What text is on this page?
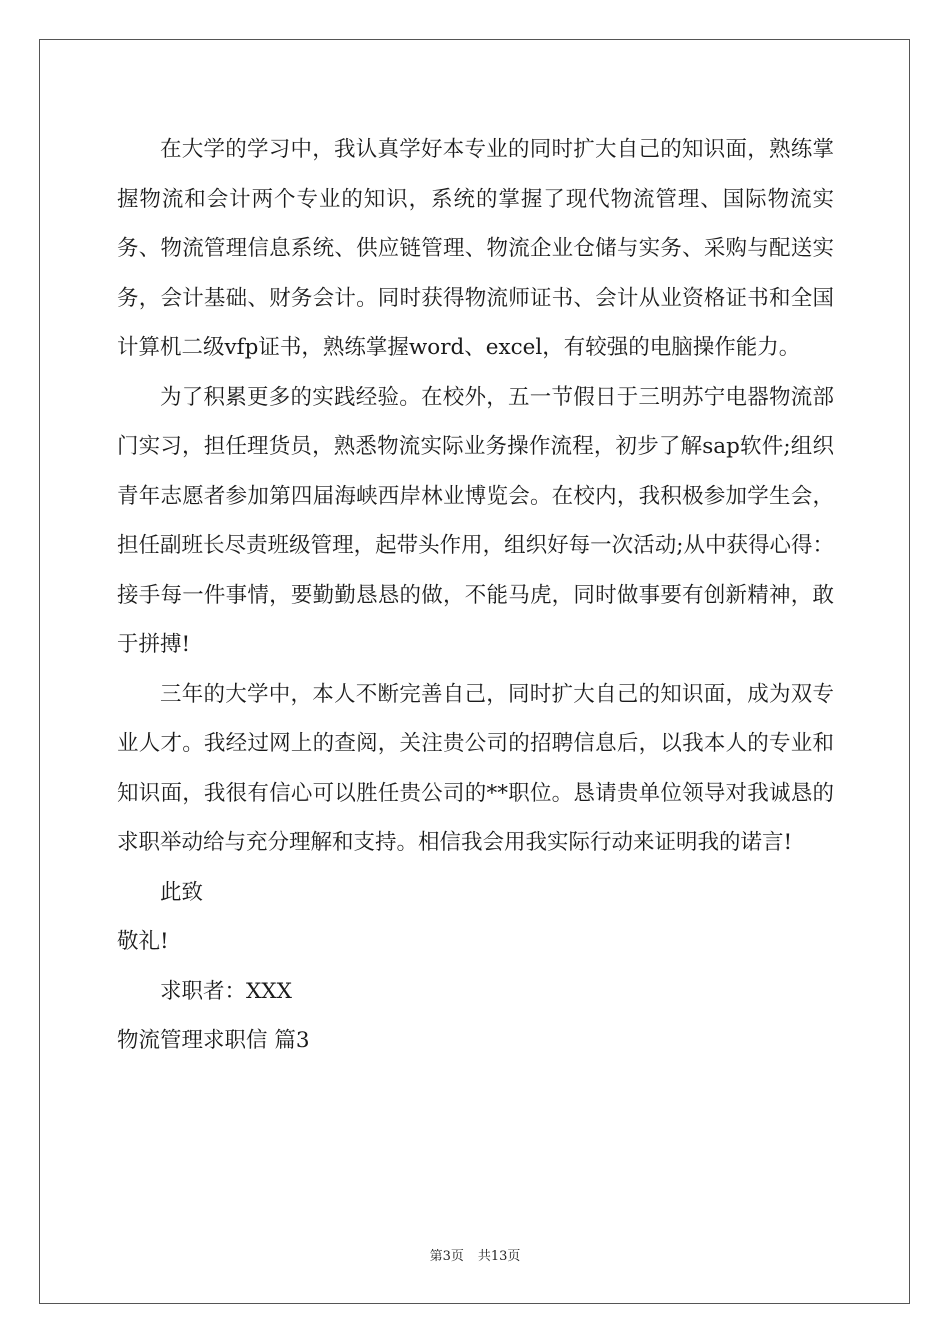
在大学的学习中，我认真学好本专业的同时扩大自己的知识面，熟练掌握物流和会计两个专业的知识，系统的掌握了现代物流管理、国际物流实务、物流管理信息系统、供应链管理、物流企业仓储与实务、采购与配送实务，会计基础、财务会计。同时获得物流师证书、会计从业资格证书和全国计算机二级vfp证书，熟练掌握word、excel，有较强的电脑操作能力。

为了积累更多的实践经验。在校外，五一节假日于三明苏宁电器物流部门实习，担任理货员，熟悉物流实际业务操作流程，初步了解sap软件;组织青年志愿者参加第四届海峡西岸林业博览会。在校内，我积极参加学生会，担任副班长尽责班级管理，起带头作用，组织好每一次活动;从中获得心得：接手每一件事情，要勤勤恳恳的做，不能马虎，同时做事要有创新精神，敢于拼搏!

三年的大学中，本人不断完善自己，同时扩大自己的知识面，成为双专业人才。我经过网上的查阅，关注贵公司的招聘信息后，以我本人的专业和知识面，我很有信心可以胜任贵公司的**职位。恳请贵单位领导对我诚恳的求职举动给与充分理解和支持。相信我会用我实际行动来证明我的诺言!

此致

敬礼!

求职者：XXX

物流管理求职信 篇3

第3页 共13页
